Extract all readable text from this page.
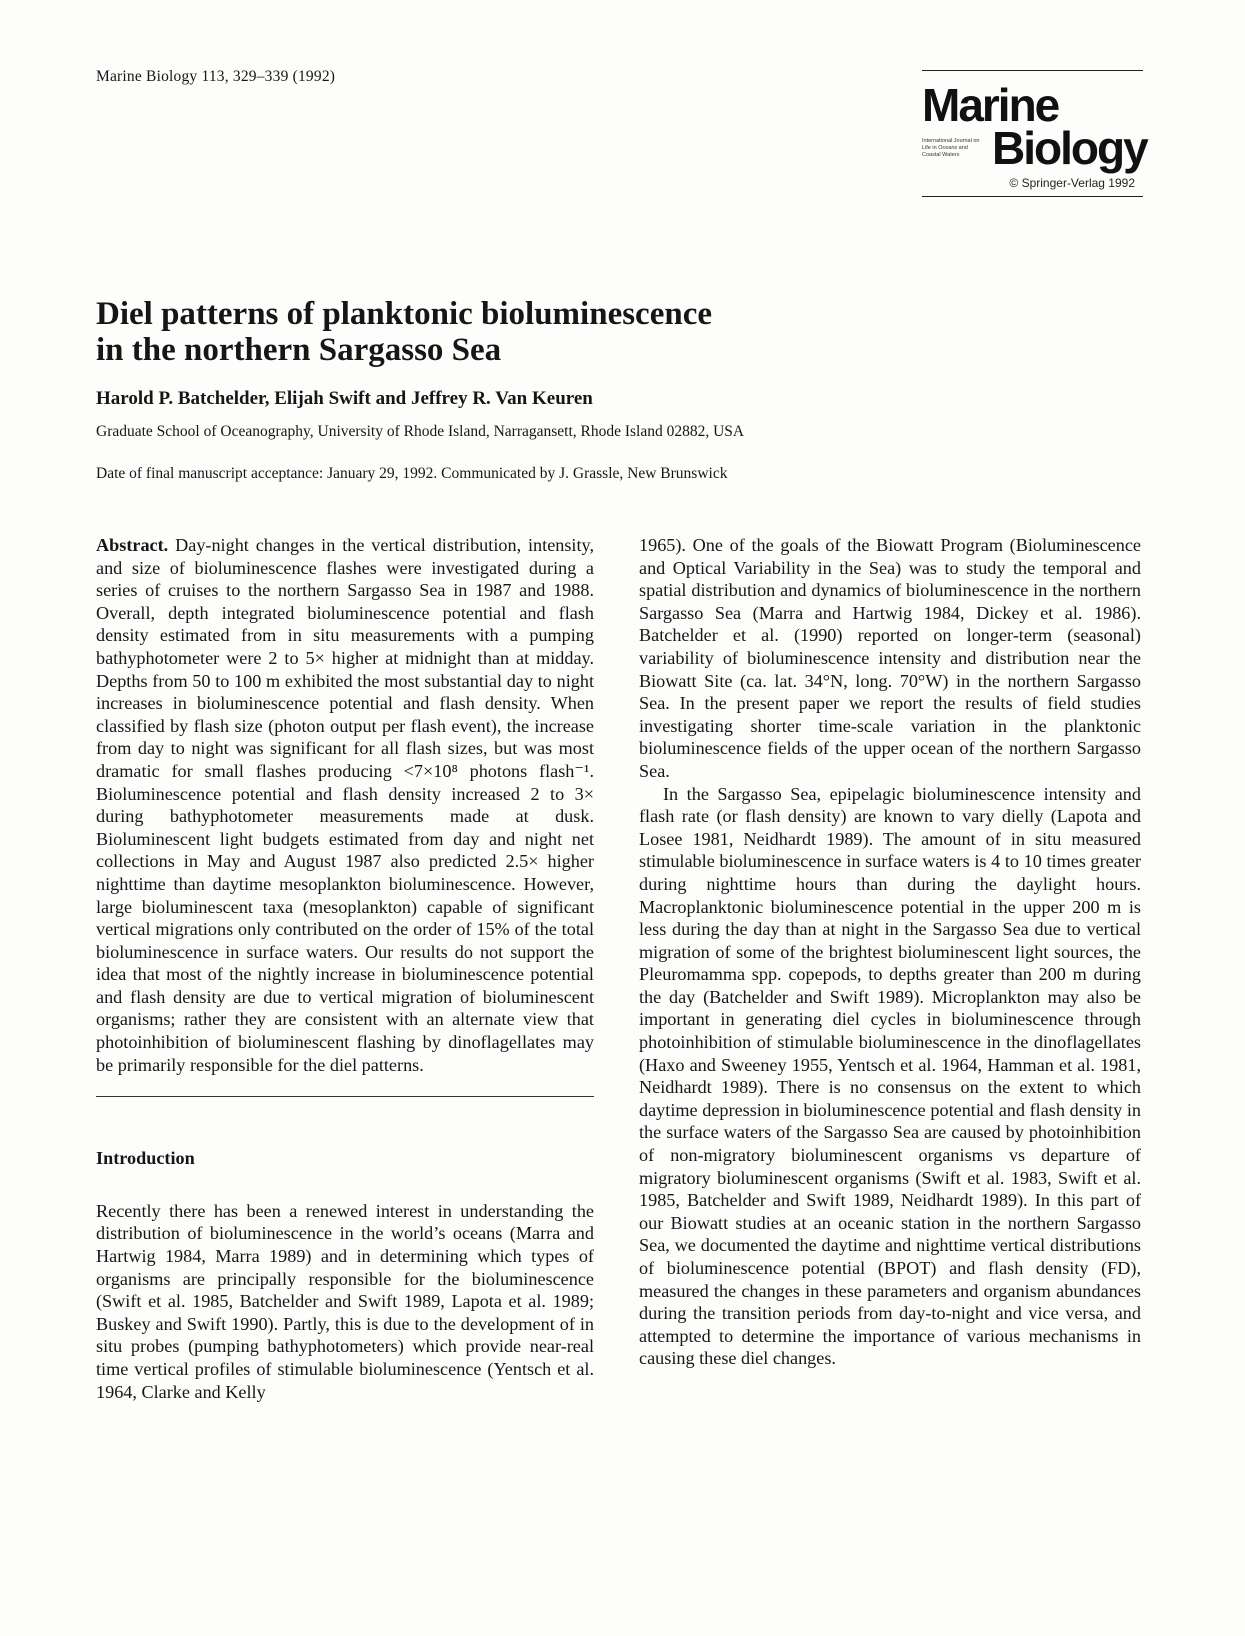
Marine Biology 113, 329–339 (1992)
Marine
International Journal on Life in Oceans and Coastal Waters Biology
© Springer-Verlag 1992
Diel patterns of planktonic bioluminescence
in the northern Sargasso Sea
Harold P. Batchelder, Elijah Swift and Jeffrey R. Van Keuren
Graduate School of Oceanography, University of Rhode Island, Narragansett, Rhode Island 02882, USA
Date of final manuscript acceptance: January 29, 1992. Communicated by J. Grassle, New Brunswick

Abstract. Day-night changes in the vertical distribution, intensity, and size of bioluminescence flashes were investigated during a series of cruises to the northern Sargasso Sea in 1987 and 1988. Overall, depth integrated bioluminescence potential and flash density estimated from in situ measurements with a pumping bathyphotometer were 2 to 5× higher at midnight than at midday. Depths from 50 to 100 m exhibited the most substantial day to night increases in bioluminescence potential and flash density. When classified by flash size (photon output per flash event), the increase from day to night was significant for all flash sizes, but was most dramatic for small flashes producing <7×10⁸ photons flash⁻¹. Bioluminescence potential and flash density increased 2 to 3× during bathyphotometer measurements made at dusk. Bioluminescent light budgets estimated from day and night net collections in May and August 1987 also predicted 2.5× higher nighttime than daytime mesoplankton bioluminescence. However, large bioluminescent taxa (mesoplankton) capable of significant vertical migrations only contributed on the order of 15% of the total bioluminescence in surface waters. Our results do not support the idea that most of the nightly increase in bioluminescence potential and flash density are due to vertical migration of bioluminescent organisms; rather they are consistent with an alternate view that photoinhibition of bioluminescent flashing by dinoflagellates may be primarily responsible for the diel patterns.

Introduction

Recently there has been a renewed interest in understanding the distribution of bioluminescence in the world’s oceans (Marra and Hartwig 1984, Marra 1989) and in determining which types of organisms are principally responsible for the bioluminescence (Swift et al. 1985, Batchelder and Swift 1989, Lapota et al. 1989; Buskey and Swift 1990). Partly, this is due to the development of in situ probes (pumping bathyphotometers) which provide near-real time vertical profiles of stimulable bioluminescence (Yentsch et al. 1964, Clarke and Kelly

1965). One of the goals of the Biowatt Program (Bioluminescence and Optical Variability in the Sea) was to study the temporal and spatial distribution and dynamics of bioluminescence in the northern Sargasso Sea (Marra and Hartwig 1984, Dickey et al. 1986). Batchelder et al. (1990) reported on longer-term (seasonal) variability of bioluminescence intensity and distribution near the Biowatt Site (ca. lat. 34°N, long. 70°W) in the northern Sargasso Sea. In the present paper we report the results of field studies investigating shorter time-scale variation in the planktonic bioluminescence fields of the upper ocean of the northern Sargasso Sea.

In the Sargasso Sea, epipelagic bioluminescence intensity and flash rate (or flash density) are known to vary dielly (Lapota and Losee 1981, Neidhardt 1989). The amount of in situ measured stimulable bioluminescence in surface waters is 4 to 10 times greater during nighttime hours than during the daylight hours. Macroplanktonic bioluminescence potential in the upper 200 m is less during the day than at night in the Sargasso Sea due to vertical migration of some of the brightest bioluminescent light sources, the Pleuromamma spp. copepods, to depths greater than 200 m during the day (Batchelder and Swift 1989). Microplankton may also be important in generating diel cycles in bioluminescence through photoinhibition of stimulable bioluminescence in the dinoflagellates (Haxo and Sweeney 1955, Yentsch et al. 1964, Hamman et al. 1981, Neidhardt 1989). There is no consensus on the extent to which daytime depression in bioluminescence potential and flash density in the surface waters of the Sargasso Sea are caused by photoinhibition of non-migratory bioluminescent organisms vs departure of migratory bioluminescent organisms (Swift et al. 1983, Swift et al. 1985, Batchelder and Swift 1989, Neidhardt 1989). In this part of our Biowatt studies at an oceanic station in the northern Sargasso Sea, we documented the daytime and nighttime vertical distributions of bioluminescence potential (BPOT) and flash density (FD), measured the changes in these parameters and organism abundances during the transition periods from day-to-night and vice versa, and attempted to determine the importance of various mechanisms in causing these diel changes.
